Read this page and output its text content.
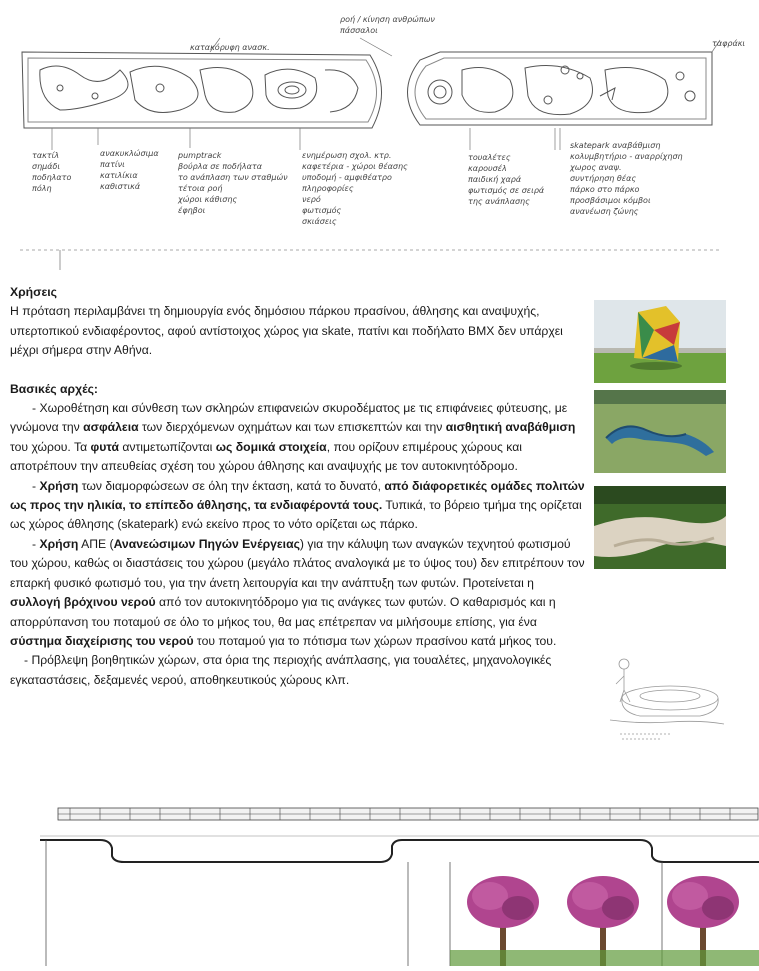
κατακόρυφη ανασκ.
ροή / κίνηση ανθρώπων
πάσσαλοι
ταφράκι
τακτίλ
σημάδι
ποδηλατο
πόλη
ανακυκλώσιμα
πατίνι
κατιλίκια
καθιστικά
pumptrack
βούρλα σε ποδήλατα
το ανάπλαση των σταθμών
τέτοια ροή
χώροι κάθισης
έφηβοι
ενημέρωση σχολ. κτρ.
καφετέρια - χώροι θέασης
υποδομή - αμφιθέατρο
πληροφορίες
νερό
φωτισμός
σκιάσεις
τουαλέτες
καρουσέλ
παιδική χαρά
φωτισμός σε σειρά
της ανάπλασης
skatepark αναβάθμιση
κολυμβητήριο - αναρρίχηση
χωρος αναψ.
συντήρηση θέας
πάρκο στο πάρκο
προσβάσιμοι κόμβοι
ανανέωση ζώνης

Χρήσεις

Η πρόταση περιλαμβάνει τη δημιουργία ενός δημόσιου πάρκου πρασίνου, άθλησης και αναψυχής, υπερτοπικού ενδιαφέροντος, αφού αντίστοιχος χώρος για skate, πατίνι και ποδήλατο BMX δεν υπάρχει μέχρι σήμερα στην Αθήνα.

Βασικές αρχές:

- Χωροθέτηση και σύνθεση των σκληρών επιφανειών σκυροδέματος με τις επιφάνειες φύτευσης, με γνώμονα την ασφάλεια των διερχόμενων οχημάτων και των επισκεπτών και την αισθητική αναβάθμιση του χώρου. Τα φυτά αντιμετωπίζονται ως δομικά στοιχεία, που ορίζουν επιμέρους χώρους και αποτρέπουν την απευθείας σχέση του χώρου άθλησης και αναψυχής με τον αυτοκινητόδρομο.

- Χρήση των διαμορφώσεων σε όλη την έκταση, κατά το δυνατό, από διάφορετικές ομάδες πολιτών ως προς την ηλικία, το επίπεδο άθλησης, τα ενδιαφέροντά τους. Τυπικά, το βόρειο τμήμα της ορίζεται ως χώρος άθλησης (skatepark) ενώ εκείνο προς το νότο ορίζεται ως πάρκο.

- Χρήση ΑΠΕ (Ανανεώσιμων Πηγών Ενέργειας) για την κάλυψη των αναγκών τεχνητού φωτισμού του χώρου, καθώς οι διαστάσεις του χώρου (μεγάλο πλάτος αναλογικά με το ύψος του) δεν επιτρέπουν τον επαρκή φυσικό φωτισμό του, για την άνετη λειτουργία και την ανάπτυξη των φυτών. Προτείνεται η συλλογή βρόχινου νερού από τον αυτοκινητόδρομο για τις ανάγκες των φυτών. Ο καθαρισμός και η απορρύπανση του ποταμού σε όλο το μήκος του, θα μας επέτρεπαν να μιλήσουμε επίσης, για ένα σύστημα διαχείρισης του νερού του ποταμού για το πότισμα των χώρων πρασίνου κατά μήκος του.

- Πρόβλεψη βοηθητικών χώρων, στα όρια της περιοχής ανάπλασης, για τουαλέτες, μηχανολογικές εγκαταστάσεις, δεξαμενές νερού, αποθηκευτικούς χώρους κλπ.
